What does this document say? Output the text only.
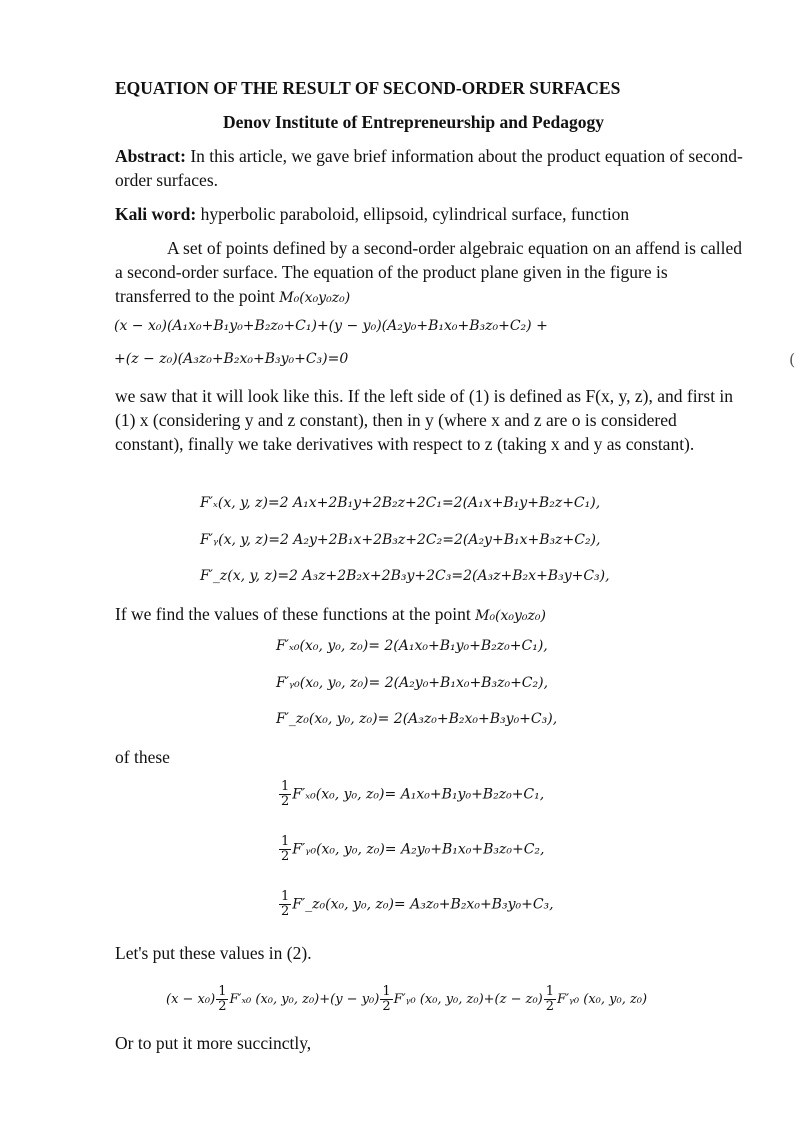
EQUATION OF THE RESULT OF SECOND-ORDER SURFACES
Denov Institute of Entrepreneurship and Pedagogy
Abstract: In this article, we gave brief information about the product equation of second-order surfaces.
Kali word: hyperbolic paraboloid, ellipsoid, cylindrical surface, function
A set of points defined by a second-order algebraic equation on an affend is called a second-order surface. The equation of the product plane given in the figure is transferred to the point M₀(x₀y₀z₀)
(x − x₀)(A₁x₀+B₁y₀+B₂z₀+C₁)+(y − y₀)(A₂y₀+B₁x₀+B₃z₀+C₂) +
+(z − z₀)(A₃z₀+B₂x₀+B₃y₀+C₃)=0	(
we saw that it will look like this. If the left side of (1) is defined as F(x, y, z), and first in (1) x (considering y and z constant), then in y (where x and z are o is considered constant), finally we take derivatives with respect to z (taking x and y as constant).
F′ₓ(x, y, z)=2 A₁x+2B₁y+2B₂z+2C₁=2(A₁x+B₁y+B₂z+C₁),
F′ᵧ(x, y, z)=2 A₂y+2B₁x+2B₃z+2C₂=2(A₂y+B₁x+B₃z+C₂),
F′_z(x, y, z)=2 A₃z+2B₂x+2B₃y+2C₃=2(A₃z+B₂x+B₃y+C₃),
If we find the values of these functions at the point M₀(x₀y₀z₀)
F′ₓ₀(x₀, y₀, z₀)= 2(A₁x₀+B₁y₀+B₂z₀+C₁),
F′ᵧ₀(x₀, y₀, z₀)= 2(A₂y₀+B₁x₀+B₃z₀+C₂),
F′_z₀(x₀, y₀, z₀)= 2(A₃z₀+B₂x₀+B₃y₀+C₃),
of these
$\frac{1}{2} F'_{x0}(x_0$, y₀, z₀)= A₁x₀+B₁y₀+B₂z₀+C₁,
$\frac{1}{2}$ F′ᵧ₀(x₀, y₀, z₀)= A₂y₀+B₁x₀+B₃z₀+C₂,
$\frac{1}{2}$ F′_z₀(x₀, y₀, z₀)= A₃z₀+B₂x₀+B₃y₀+C₃,
Let's put these values in (2).
$(x - x_0) \frac{1}{2} F'_{x0}$ (x₀, y₀, $z_0)+(y - y_0) \frac{1}{2}$ F′ᵧ₀ (x₀, y₀, $z_0)+(z - z_0) \frac{1}{2}$ F′ᵧ₀ (x₀, y₀, z₀)
Or to put it more succinctly,
